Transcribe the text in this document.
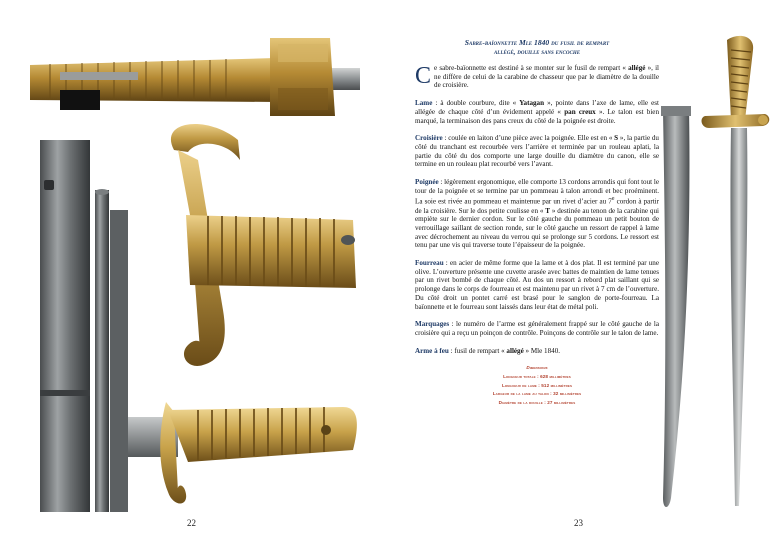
22
Sabre-baïonnette Mle 1840 du fusil de rempart
allégé, douille sans encoche

Ce sabre-baïonnette est destiné à se monter sur le fusil de rempart « allégé », il ne diffère de celui de la carabine de chasseur que par le diamètre de la douille de croisière.

Lame : à double courbure, dite « Yatagan », pointe dans l’axe de lame, elle est allégée de chaque côté d’un évidement appelé « pan creux ». Le talon est bien marqué, la terminaison des pans creux du côté de la poignée est droite.

Croisière : coulée en laiton d’une pièce avec la poignée. Elle est en « S », la partie du côté du tranchant est recourbée vers l’arrière et terminée par un rouleau aplati, la partie du côté du dos comporte une large douille du diamètre du canon, elle se termine en un rouleau plat recourbé vers l’avant.

Poignée : légèrement ergonomique, elle comporte 13 cordons arrondis qui font tout le tour de la poignée et se termine par un pommeau à talon arrondi et bec proéminent. La soie est rivée au pommeau et maintenue par un rivet d’acier au 7e cordon à partir de la croisière. Sur le dos petite coulisse en « T » destinée au tenon de la carabine qui empiète sur le dernier cordon. Sur le côté gauche du pommeau un petit bouton de verrouillage saillant de section ronde, sur le côté gauche un ressort de rappel à lame avec décrochement au niveau du verrou qui se prolonge sur 5 cordons. Le ressort est tenu par une vis qui traverse toute l’épaisseur de la poignée.

Fourreau : en acier de même forme que la lame et à dos plat. Il est terminé par une olive. L’ouverture présente une cuvette arasée avec battes de maintien de lame tenues par un rivet bombé de chaque côté. Au dos un ressort à rebord plat saillant qui se prolonge dans le corps de fourreau et est maintenu par un rivet à 7 cm de l’ouverture. Du côté droit un pontet carré est brasé pour le sanglon de porte-fourreau. La baïonnette et le fourreau sont laissés dans leur état de métal poli.

Marquages : le numéro de l’arme est généralement frappé sur le côté gauche de la croisière qui a reçu un poinçon de contrôle. Poinçons de contrôle sur le talon de lame.

Arme à feu : fusil de rempart « allégé » Mle 1840.

Dimensions
Longueur totale : 628 millimètres
Longueur de lame : 512 millimètres
Largeur de la lame au talon : 32 millimètres
Diamètre de la douille : 27 millimètres
23
